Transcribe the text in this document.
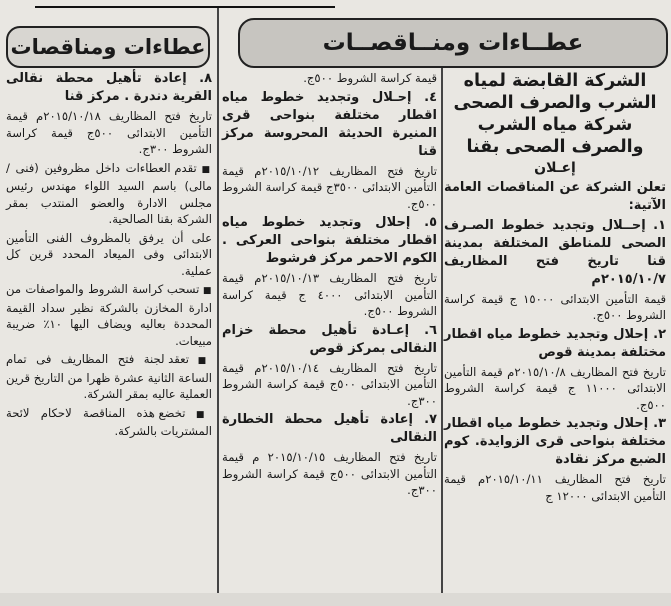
عطاءات ومناقصات	عطــاءات ومنــاقصــات

الشركة القابضة لمياه الشرب والصرف الصحى شركة مياه الشرب والصرف الصحى بقنا

إعـلان

تعلن الشركة عن المناقصات العامة الآتية:

١. إحــلال وتجديد خطوط الصـرف الصحى للمناطق المختلفة بمدينة قنا تاريخ فتح المظاريف ٢٠١٥/١٠/٧م

قيمة التأمين الابتدائى ١٥٠٠٠ ج قيمة كراسة الشروط ٥٠٠ج.

٢. إحلال وتجديد خطوط مياه اقطار مختلفة بمدينة قوص

تاريخ فتح المظاريف ٢٠١٥/١٠/٨م قيمة التأمين الابتدائى ١١٠٠٠ ج قيمة كراسة الشروط ٥٠٠ج.

٣. إحلال وتجديد خطوط مياه اقطار مختلفة بنواحى قرى الزوايدة. كوم الضبع مركز نقادة

تاريخ فتح المظاريف ٢٠١٥/١٠/١١م قيمة التأمين الابتدائى ١٢٠٠٠ ج

قيمة كراسة الشروط ٥٠٠ج.

٤. إحـلال وتجديد خطوط مياه اقطار مختلفة بنواحى قرى المنيرة الحديثة المحروسة مركز قنا

تاريخ فتح المظاريف ٢٠١٥/١٠/١٢م قيمة التأمين الابتدائى ٣٥٠٠ج قيمة كراسة الشروط ٥٠٠ج.

٥. إحلال وتجديد خطوط مياه اقطار مختلفة بنواحى العركى . الكوم الاحمر مركز فرشوط

تاريخ فتح المظاريف ٢٠١٥/١٠/١٣م قيمة التأمين الابتدائى ٤٠٠٠ ج قيمة كراسة الشروط ٥٠٠ج.

٦. إعـادة تأهيل محطة خزام النقالى بمركز قوص

تاريخ فتح المظاريف ٢٠١٥/١٠/١٤م قيمة التأمين الابتدائى ٥٠٠ج قيمة كراسة الشروط ٣٠٠ج.

٧. إعادة تأهيل محطة الخطارة النقالى

تاريخ فتح المظاريف ٢٠١٥/١٠/١٥ م قيمة التأمين الابتدائى ٥٠٠ج قيمة كراسة الشروط ٣٠٠ج.

٨. إعادة تأهيل محطة نقالى القرية دندرة . مركز قنا

تاريخ فتح المظاريف ٢٠١٥/١٠/١٨م قيمة التأمين الابتدائى ٥٠٠ج قيمة كراسة الشروط ٣٠٠ج.

■ تقدم العطاءات داخل مظروفين (فنى / مالى) باسم السيد اللواء مهندس رئيس مجلس الادارة والعضو المنتدب بمقر الشركة بقنا الصالحية.

على أن يرفق بالمظروف الفنى التأمين الابتدائى وفى الميعاد المحدد قرين كل عملية.

■ تسحب كراسة الشروط والمواصفات من ادارة المخازن بالشركة نظير سداد القيمة المحددة بعاليه ويضاف اليها ١٠٪ ضريبة مبيعات.

■ تعقد لجنة فتح المظاريف فى تمام الساعة الثانية عشرة ظهرا من التاريخ قرين العملية عاليه بمقر الشركة.

■ تخضع هذه المناقصة لاحكام لائحة المشتريات بالشركة.
